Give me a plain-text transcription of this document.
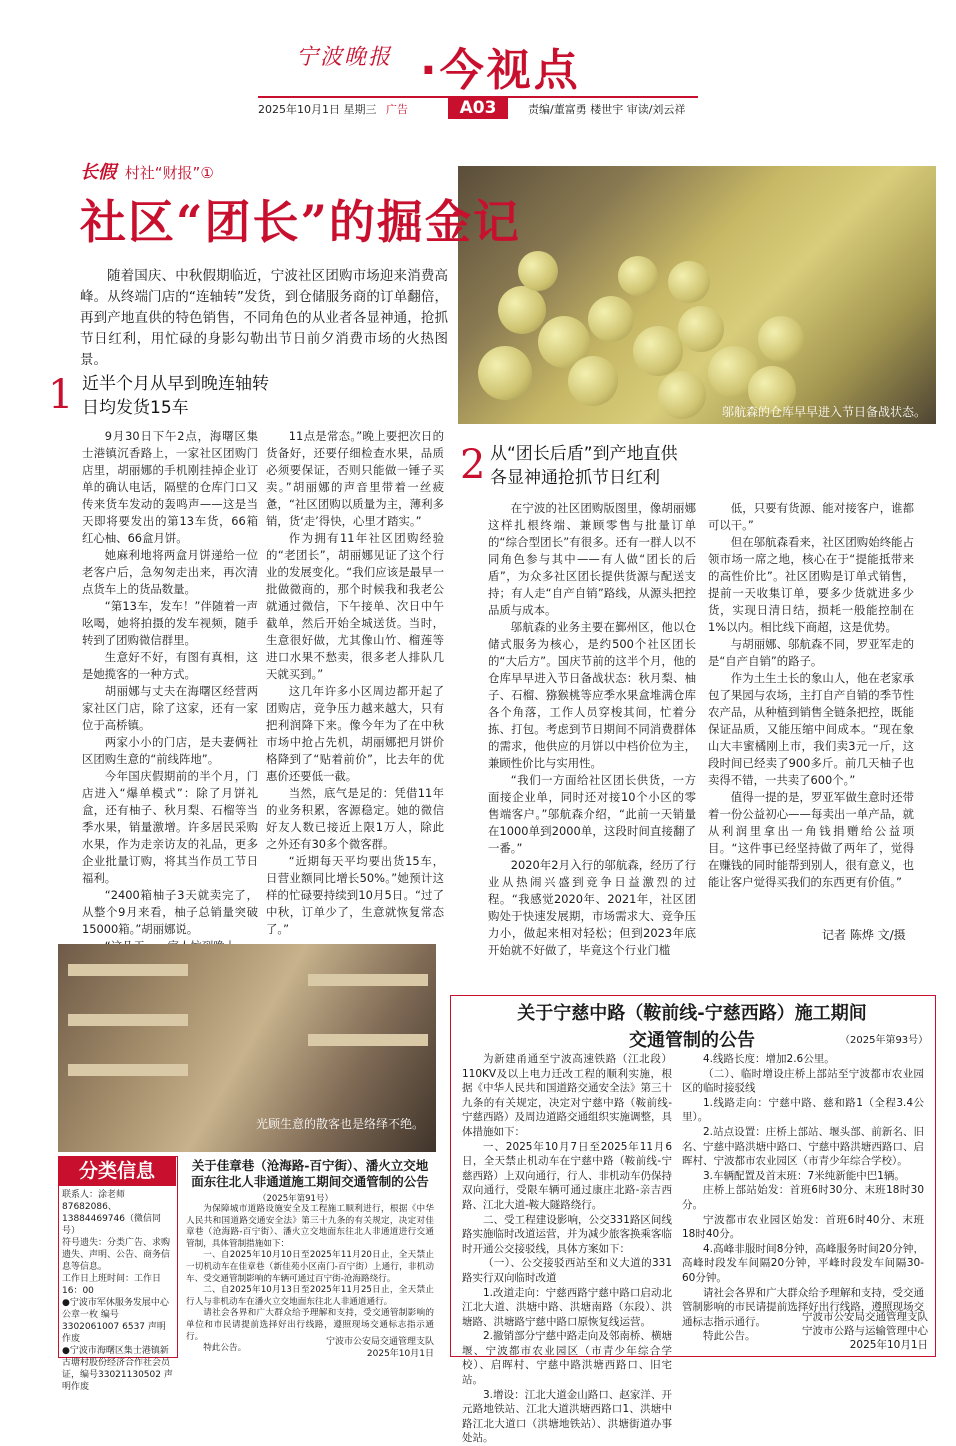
宁波晚报 ·今视点
2025年10月1日 星期三 广告	A03	责编/董富勇 楼世宇 审读/刘云祥
邬航森的仓库早早进入节日备战状态。
长假 村社“财报”①
社区“团长”的掘金记
随着国庆、中秋假期临近，宁波社区团购市场迎来消费高峰。从终端门店的“连轴转”发货，到仓储服务商的订单翻倍，再到产地直供的特色销售，不同角色的从业者各显神通，抢抓节日红利，用忙碌的身影勾勒出节日前夕消费市场的火热图景。
1 近半个月从早到晚连轴转
日均发货15车

9月30日下午2点，海曙区集士港镇沉香路上，一家社区团购门店里，胡丽娜的手机刚挂掉企业订单的确认电话，隔壁的仓库门口又传来货车发动的轰鸣声——这是当天即将要发出的第13车货，66箱红心柚、66盒月饼。

她麻利地将两盒月饼递给一位老客户后，急匆匆走出来，再次清点货车上的货品数量。

“第13车，发车！”伴随着一声吆喝，她将拍摄的发车视频，随手转到了团购微信群里。

生意好不好，有图有真相，这是她揽客的一种方式。

胡丽娜与丈夫在海曙区经营两家社区门店，除了这家，还有一家位于高桥镇。

两家小小的门店，是夫妻俩社区团购生意的“前线阵地”。

今年国庆假期前的半个月，门店进入“爆单模式”：除了月饼礼盒，还有柚子、秋月梨、石榴等当季水果，销量激增。许多居民采购水果，作为走亲访友的礼品，更多企业批量订购，将其当作员工节日福利。

“2400箱柚子3天就卖完了，从整个9月来看，柚子总销量突破15000箱。”胡丽娜说。

11点是常态。”晚上要把次日的货备好，还要仔细检查水果，品质必须要保证，否则只能做一锤子买卖。”胡丽娜的声音里带着一丝疲惫，“社区团购以质量为主，薄利多销，货‘走’得快，心里才踏实。”

作为拥有11年社区团购经验的“老团长”，胡丽娜见证了这个行业的发展变化。“我们应该是最早一批做微商的，那个时候我和我老公就通过微信，下午接单、次日中午截单，然后开始全城送货。当时，生意很好做，尤其像山竹、榴莲等进口水果不愁卖，很多老人排队几天就买到。”

这几年许多小区周边都开起了团购店，竞争压力越来越大，只有把利润降下来。像今年为了在中秋市场中抢占先机，胡丽娜把月饼价格降到了“贴着前价”，比去年的优惠价还要低一截。

当然，底气是足的：凭借11年的业务积累，客源稳定。她的微信好友人数已接近上限1万人，除此之外还有30多个微客群。

“近期每天平均要出货15车，日营业额同比增长50%。”她预计这样的忙碌要持续到10月5日。“过了中秋，订单少了，生意就恢复常态了。”

2 从“团长后盾”到产地直供
各显神通抢抓节日红利

在宁波的社区团购版图里，像胡丽娜这样扎根终端、兼顾零售与批量订单的“综合型团长”有很多。还有一群人以不同角色参与其中——有人做“团长的后盾”，为众多社区团长提供货源与配送支持；有人走“自产自销”路线，从源头把控品质与成本。

邬航森的业务主要在鄞州区，他以仓储式服务为核心，是约500个社区团长的“大后方”。国庆节前的这半个月，他的仓库早早进入节日备战状态：秋月梨、柚子、石榴、猕猴桃等应季水果盒堆满仓库各个角落，工作人员穿梭其间，忙着分拣、打包。考虑到节日期间不同消费群体的需求，他供应的月饼以中档价位为主，兼顾性价比与实用性。

“我们一方面给社区团长供货，一方面接企业单，同时还对接10个小区的零售端客户。”邬航森介绍，“此前一天销量在1000单到2000单，这段时间直接翻了一番。”

2020年2月入行的邬航森，经历了行业从热闹兴盛到竞争日益激烈的过程。“我感觉2020年、2021年，社区团购处于快速发展期，市场需求大、竞争压力小，做起来相对轻松；但到2023年底开始就不好做了，毕竟这个行业门槛

低，只要有货源、能对接客户，谁都可以干。”

但在邬航森看来，社区团购始终能占领市场一席之地，核心在于“提能抵带来的高性价比”。社区团购是订单式销售，提前一天收集订单，要多少货就进多少货，实现日清日结，损耗一般能控制在1%以内。相比线下商超，这是优势。

与胡丽娜、邬航森不同，罗亚军走的是“自产自销”的路子。

作为土生土长的象山人，他在老家承包了果园与农场，主打自产自销的季节性农产品，从种植到销售全链条把控，既能保证品质，又能压缩中间成本。“现在象山大丰蜜橘刚上市，我们卖3元一斤，这段时间已经卖了900多斤。前几天柚子也卖得不错，一共卖了600个。”

值得一提的是，罗亚军做生意时还带着一份公益初心——每卖出一单产品，就从利润里拿出一角钱捐赠给公益项目。“这件事已经坚持做了两年了，觉得在赚钱的同时能帮到别人，很有意义，也能让客户觉得买我们的东西更有价值。”

记者 陈烨 文/摄
光顾生意的散客也是络绎不绝。
关于宁慈中路（鞍前线-宁慈西路）施工期间
交通管制的公告	（2025年第93号）

为新建甬通至宁波高速铁路（江北段）110KV及以上电力迁改工程的顺利实施，根据《中华人民共和国道路交通安全法》第三十九条的有关规定，决定对宁慈中路（鞍前线-宁慈西路）及周边道路交通组织实施调整，具体措施如下：

一、2025年10月7日至2025年11月6日，全天禁止机动车在宁慈中路（鞍前线-宁慈西路）上双向通行，行人、非机动车仍保持双向通行，受限车辆可通过康庄北路-亲吉西路、江北大道-鞍大隧路绕行。

二、受工程建设影响，公交331路区间线路实施临时改道运营，并为减少旅客换乘客临时开通公交接驳线，具体方案如下：

（一）、公交接驳西站至和义大道的331路实行双向临时改道

1.改道走向：宁慈西路宁慈中路口启动北江北大道、洪塘中路、洪塘南路（东段）、洪塘路、洪塘路宁慈中路口原恢复线运营。

2.撤销部分宁慈中路走向及邻南桥、横塘堰、宁波都市农业园区（市青少年综合学校）、启晖村、宁慈中路洪塘西路口、旧宅站。

3.增设：江北大道金山路口、赵家洋、开元路地铁站、江北大道洪塘西路口1、洪塘中路江北大道口（洪塘地铁站）、洪塘街道办事处站。

4.线路长度：增加2.6公里。

（二）、临时增设庄桥上部站至宁波都市农业园区的临时接驳线

1.线路走向：宁慈中路、慈和路1（全程3.4公里）。

2.站点设置：庄桥上部站、堰头部、前新名、旧名、宁慈中路洪塘中路口、宁慈中路洪塘西路口、启晖村、宁波都市农业园区（市青少年综合学校）。

3.车辆配置及首末班：7米纯新能中巴1辆。

庄桥上部站始发：首班6时30分、末班18时30分。

宁波都市农业园区始发：首班6时40分、末班18时40分。

4.高峰非服时间8分钟，高峰服务时间20分钟，高峰时段发车间隔20分钟，平峰时段发车间隔30-60分钟。

请社会各界和广大群众给予理解和支持，受交通管制影响的市民请提前选择好出行线路，遵照现场交通标志指示通行。

特此公告。

宁波市公安局交通管理支队
宁波市公路与运输管理中心
2025年10月1日
分类信息
联系人：涂老师87682086、13884469746（微信同号）
符号遗失：分类广告、求购遗失、声明、公告、商务信息等信息。
工作日上班时间：工作日16：00
●宁波市军休服务发展中心公章一枚 编号3302061007 6537 声明作废
●宁波市海曙区集士港镇新古塘村股份经济合作社会员证，编号33021130502 声明作废
关于佳章巷（沧海路-百宁街）、潘火立交地面东往北人非通道施工期间交通管制的公告
（2025年第91号）

为保障城市道路设施安全及工程施工顺利进行，根据《中华人民共和国道路交通安全法》第三十九条的有关规定，决定对佳章巷（沧海路-百宁街）、潘火立交地面东往北人非通道进行交通管制，具体管制措施如下：

一、自2025年10月10日至2025年11月20日止，全天禁止一切机动车在佳章巷（新佳苑小区南门-百宁街）上通行，非机动车、受交通管制影响的车辆可通过百宁街-沧海路绕行。

二、自2025年10月13日至2025年11月25日止，全天禁止行人与非机动车在潘火立交地面东往北人非通道通行。

请社会各界和广大群众给予理解和支持，受交通管制影响的单位和市民请提前选择好出行线路，遵照现场交通标志指示通行。

特此公告。

宁波市公安局交通管理支队
2025年10月1日
